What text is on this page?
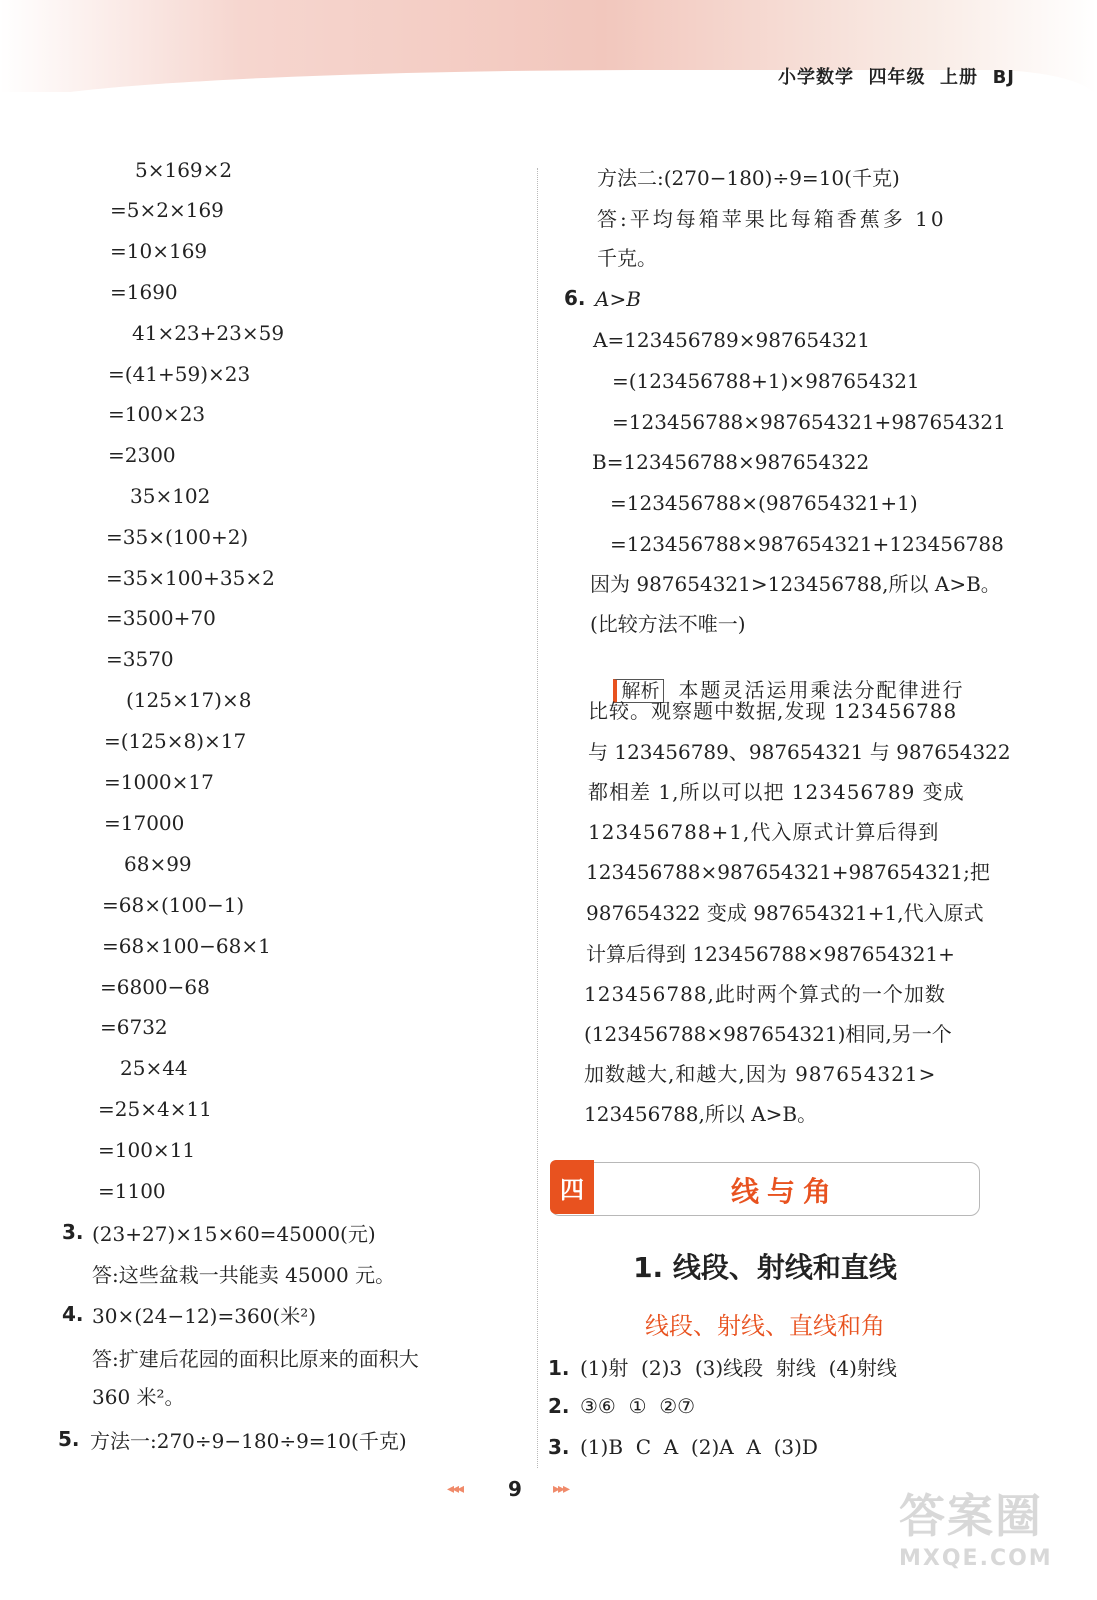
小学数学  四年级  上册  BJ
5×169×2
=5×2×169
=10×169
=1690
41×23+23×59
=(41+59)×23
=100×23
=2300
35×102
=35×(100+2)
=35×100+35×2
=3500+70
=3570
(125×17)×8
=(125×8)×17
=1000×17
=17000
68×99
=68×(100−1)
=68×100−68×1
=6800−68
=6732
25×44
=25×4×11
=100×11
=1100
3. (23+27)×15×60=45000(元)
答:这些盆栽一共能卖 45000 元。
4. 30×(24−12)=360(米²)
答:扩建后花园的面积比原来的面积大
360 米²。
5. 方法一:270÷9−180÷9=10(千克)
方法二:(270−180)÷9=10(千克)
答:平均每箱苹果比每箱香蕉多 10
千克。
6. A>B
A=123456789×987654321
=(123456788+1)×987654321
=123456788×987654321+987654321
B=123456788×987654322
=123456788×(987654321+1)
=123456788×987654321+123456788
因为 987654321>123456788,所以 A>B。
(比较方法不唯一)

解析 本题灵活运用乘法分配律进行

比较。观察题中数据,发现 123456788
与 123456789、987654321 与 987654322
都相差 1,所以可以把 123456789 变成
123456788+1,代入原式计算后得到
123456788×987654321+987654321;把
987654322 变成 987654321+1,代入原式
计算后得到 123456788×987654321+
123456788,此时两个算式的一个加数
(123456788×987654321)相同,另一个
加数越大,和越大,因为 987654321>
123456788,所以 A>B。
四	线与角
1. 线段、射线和直线
线段、射线、直线和角
1. (1)射  (2)3  (3)线段  射线  (4)射线
2. ③⑥  ①  ②⑦
3. (1)B  C  A  (2)A  A  (3)D
◂◂◂ 9 ▸▸▸	答案圈
MXQE.COM
